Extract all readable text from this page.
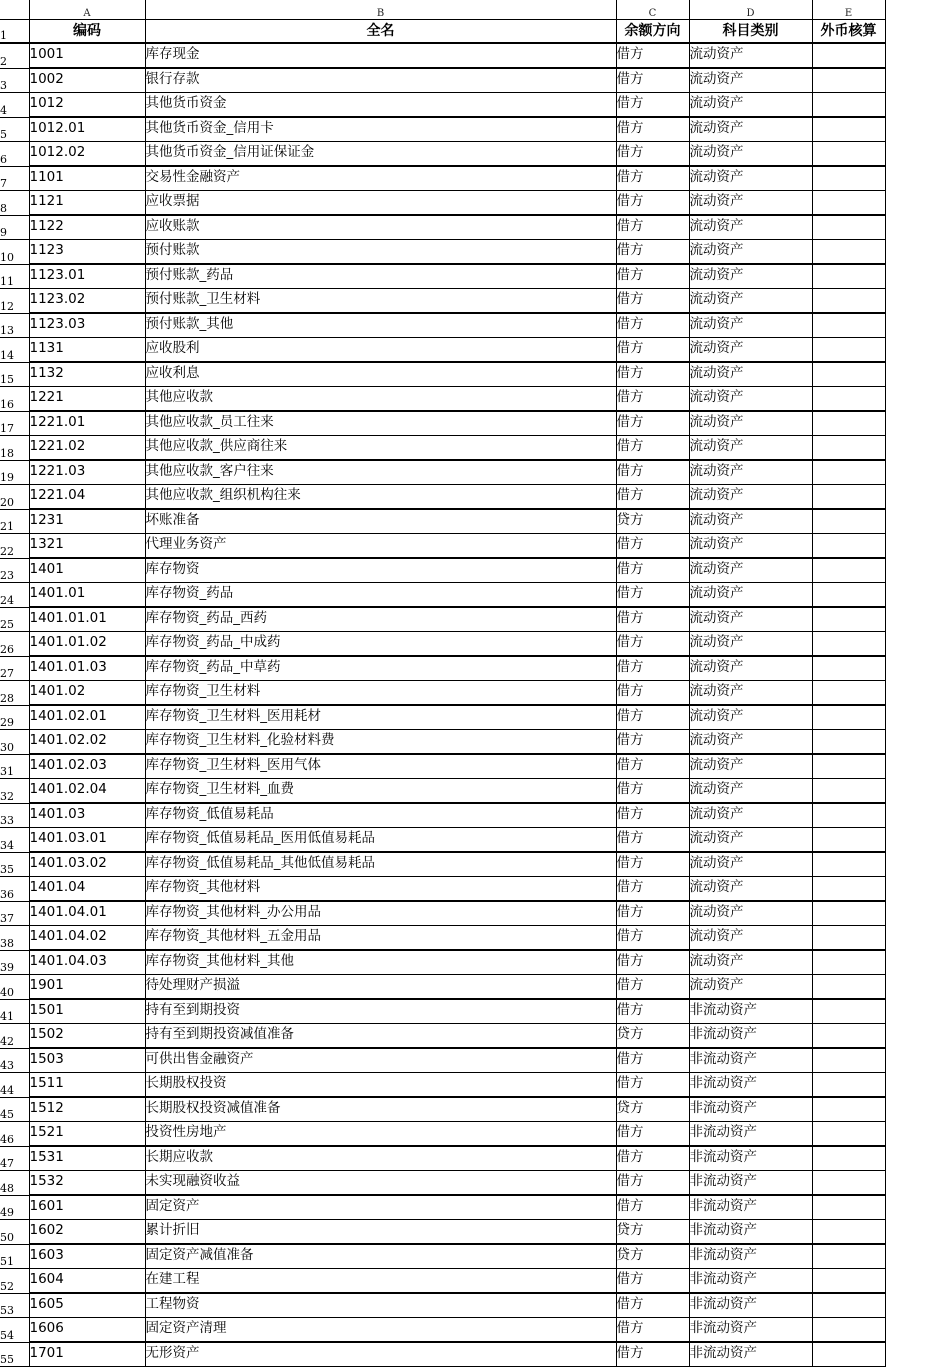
	A	B	C	D	E
1	编码	全名	余额方向	科目类别	外币核算
2	1001	库存现金	借方	流动资产	
3	1002	银行存款	借方	流动资产	
4	1012	其他货币资金	借方	流动资产	
5	1012.01	其他货币资金_信用卡	借方	流动资产	
6	1012.02	其他货币资金_信用证保证金	借方	流动资产	
7	1101	交易性金融资产	借方	流动资产	
8	1121	应收票据	借方	流动资产	
9	1122	应收账款	借方	流动资产	
10	1123	预付账款	借方	流动资产	
11	1123.01	预付账款_药品	借方	流动资产	
12	1123.02	预付账款_卫生材料	借方	流动资产	
13	1123.03	预付账款_其他	借方	流动资产	
14	1131	应收股利	借方	流动资产	
15	1132	应收利息	借方	流动资产	
16	1221	其他应收款	借方	流动资产	
17	1221.01	其他应收款_员工往来	借方	流动资产	
18	1221.02	其他应收款_供应商往来	借方	流动资产	
19	1221.03	其他应收款_客户往来	借方	流动资产	
20	1221.04	其他应收款_组织机构往来	借方	流动资产	
21	1231	坏账准备	贷方	流动资产	
22	1321	代理业务资产	借方	流动资产	
23	1401	库存物资	借方	流动资产	
24	1401.01	库存物资_药品	借方	流动资产	
25	1401.01.01	库存物资_药品_西药	借方	流动资产	
26	1401.01.02	库存物资_药品_中成药	借方	流动资产	
27	1401.01.03	库存物资_药品_中草药	借方	流动资产	
28	1401.02	库存物资_卫生材料	借方	流动资产	
29	1401.02.01	库存物资_卫生材料_医用耗材	借方	流动资产	
30	1401.02.02	库存物资_卫生材料_化验材料费	借方	流动资产	
31	1401.02.03	库存物资_卫生材料_医用气体	借方	流动资产	
32	1401.02.04	库存物资_卫生材料_血费	借方	流动资产	
33	1401.03	库存物资_低值易耗品	借方	流动资产	
34	1401.03.01	库存物资_低值易耗品_医用低值易耗品	借方	流动资产	
35	1401.03.02	库存物资_低值易耗品_其他低值易耗品	借方	流动资产	
36	1401.04	库存物资_其他材料	借方	流动资产	
37	1401.04.01	库存物资_其他材料_办公用品	借方	流动资产	
38	1401.04.02	库存物资_其他材料_五金用品	借方	流动资产	
39	1401.04.03	库存物资_其他材料_其他	借方	流动资产	
40	1901	待处理财产损溢	借方	流动资产	
41	1501	持有至到期投资	借方	非流动资产	
42	1502	持有至到期投资减值准备	贷方	非流动资产	
43	1503	可供出售金融资产	借方	非流动资产	
44	1511	长期股权投资	借方	非流动资产	
45	1512	长期股权投资减值准备	贷方	非流动资产	
46	1521	投资性房地产	借方	非流动资产	
47	1531	长期应收款	借方	非流动资产	
48	1532	未实现融资收益	借方	非流动资产	
49	1601	固定资产	借方	非流动资产	
50	1602	累计折旧	贷方	非流动资产	
51	1603	固定资产减值准备	贷方	非流动资产	
52	1604	在建工程	借方	非流动资产	
53	1605	工程物资	借方	非流动资产	
54	1606	固定资产清理	借方	非流动资产	
55	1701	无形资产	借方	非流动资产	
